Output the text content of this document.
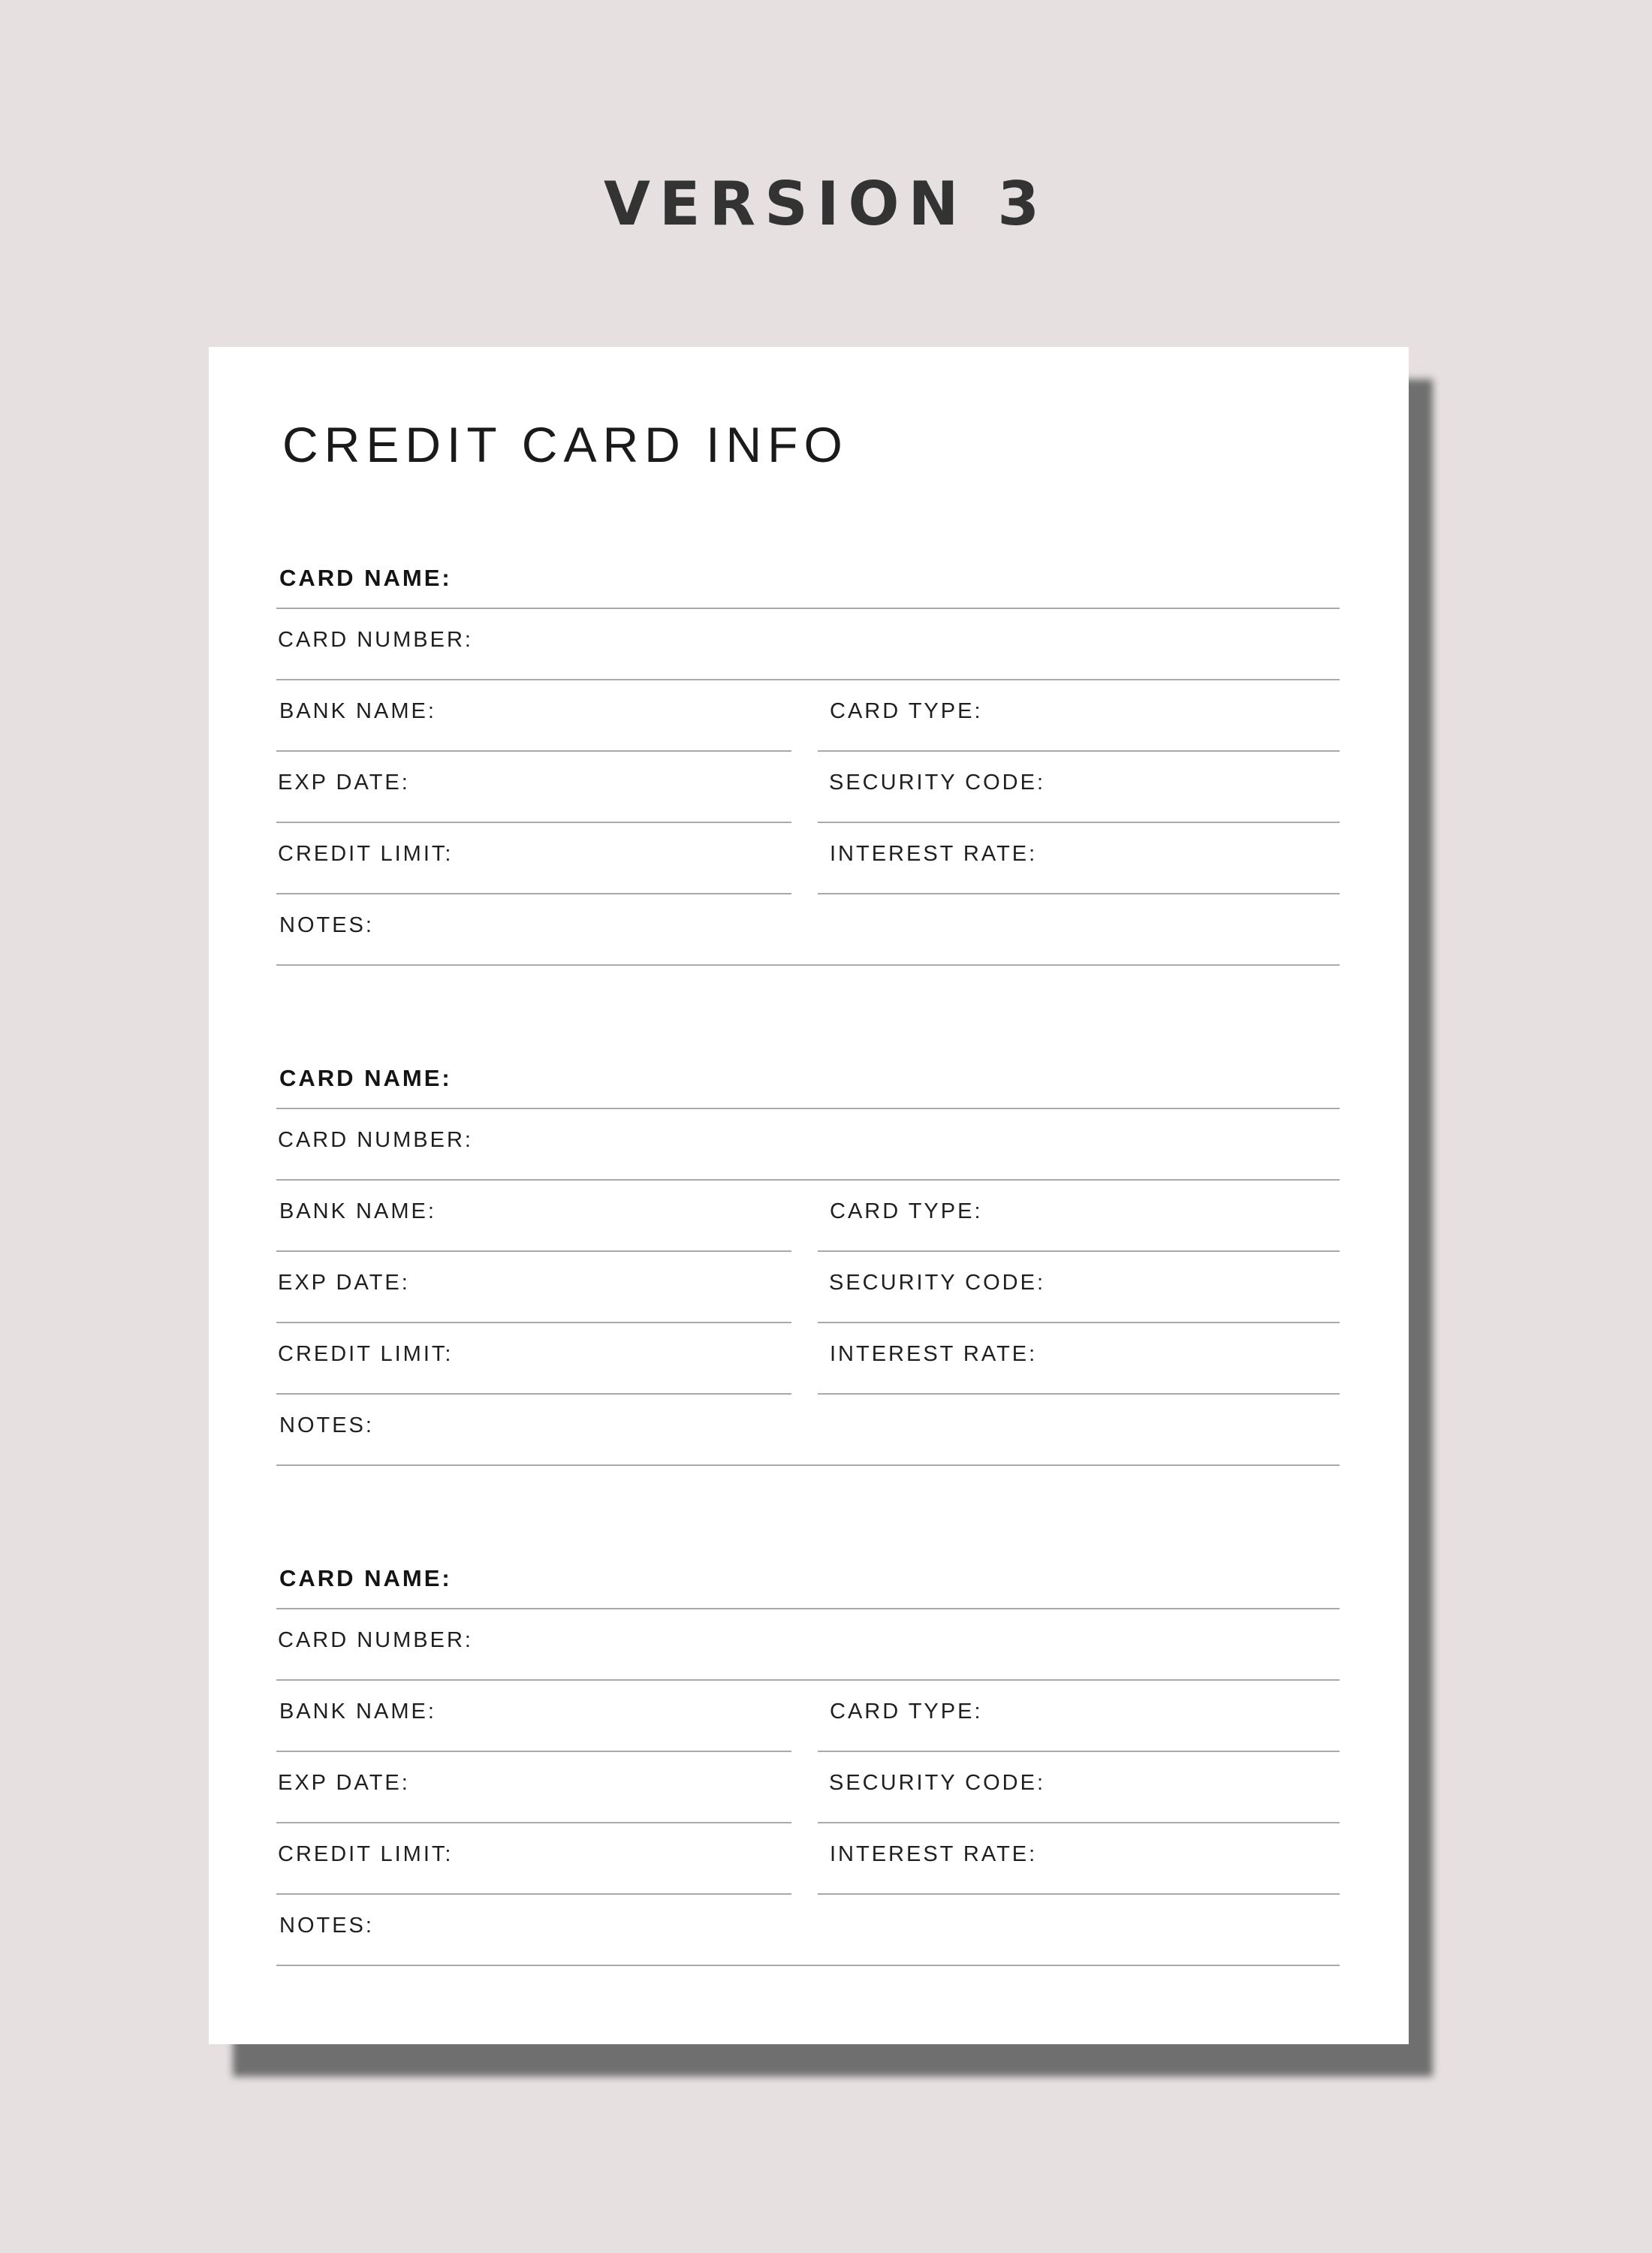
VERSION 3
CREDIT CARD INFO
CARD NAME:
CARD NUMBER:
BANK NAME:	CARD TYPE:
EXP DATE:	SECURITY CODE:
CREDIT LIMIT:	INTEREST RATE:
NOTES:
CARD NAME:
CARD NUMBER:
BANK NAME:	CARD TYPE:
EXP DATE:	SECURITY CODE:
CREDIT LIMIT:	INTEREST RATE:
NOTES:
CARD NAME:
CARD NUMBER:
BANK NAME:	CARD TYPE:
EXP DATE:	SECURITY CODE:
CREDIT LIMIT:	INTEREST RATE:
NOTES:
